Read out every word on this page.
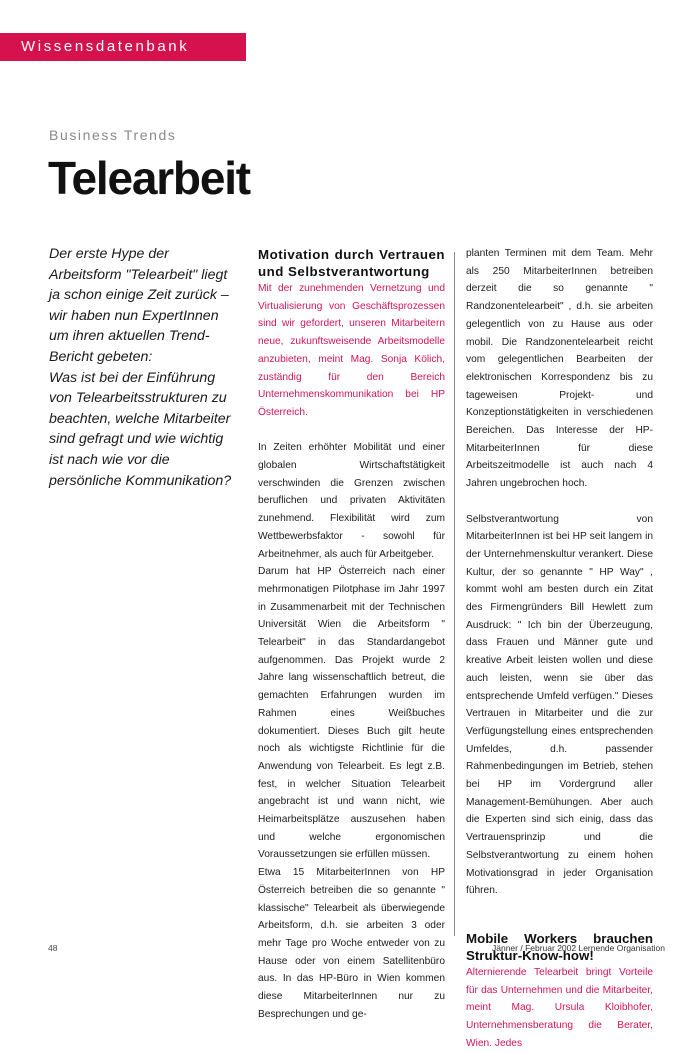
Wissensdatenbank
Business Trends
Telearbeit

Der erste Hype der Arbeitsform "Telearbeit" liegt ja schon einige Zeit zurück – wir haben nun ExpertInnen um ihren aktuellen Trend-Bericht gebeten:

Was ist bei der Einführung von Telearbeitsstrukturen zu beachten, welche Mitarbeiter sind gefragt und wie wichtig ist nach wie vor die persönliche Kommunikation?

Motivation durch Vertrauen und Selbstverantwortung

Mit der zunehmenden Vernetzung und Virtualisierung von Geschäftsprozessen sind wir gefordert, unseren Mitarbeitern neue, zukunftsweisende Arbeitsmodelle anzubieten, meint Mag. Sonja Kölich, zuständig für den Bereich Unternehmenskommunikation bei HP Österreich.

In Zeiten erhöhter Mobilität und einer globalen Wirtschaftstätigkeit verschwinden die Grenzen zwischen beruflichen und privaten Aktivitäten zunehmend. Flexibilität wird zum Wettbewerbsfaktor - sowohl für Arbeitnehmer, als auch für Arbeitgeber.

Darum hat HP Österreich nach einer mehrmonatigen Pilotphase im Jahr 1997 in Zusammenarbeit mit der Technischen Universität Wien die Arbeitsform " Telearbeit" in das Standardangebot aufgenommen. Das Projekt wurde 2 Jahre lang wissenschaftlich betreut, die gemachten Erfahrungen wurden im Rahmen eines Weißbuches dokumentiert. Dieses Buch gilt heute noch als wichtigste Richtlinie für die Anwendung von Telearbeit. Es legt z.B. fest, in welcher Situation Telearbeit angebracht ist und wann nicht, wie Heimarbeitsplätze auszusehen haben und welche ergonomischen Voraussetzungen sie erfüllen müssen.

Etwa 15 MitarbeiterInnen von HP Österreich betreiben die so genannte " klassische" Telearbeit als überwiegende Arbeitsform, d.h. sie arbeiten 3 oder mehr Tage pro Woche entweder von zu Hause oder von einem Satellitenbüro aus. In das HP-Büro in Wien kommen diese MitarbeiterInnen nur zu Besprechungen und ge-

planten Terminen mit dem Team. Mehr als 250 MitarbeiterInnen betreiben derzeit die so genannte " Randzonentelearbeit" , d.h. sie arbeiten gelegentlich von zu Hause aus oder mobil. Die Randzonentelearbeit reicht vom gelegentlichen Bearbeiten der elektronischen Korrespondenz bis zu tageweisen Projekt- und Konzeptionstätigkeiten in verschiedenen Bereichen. Das Interesse der HP-MitarbeiterInnen für diese Arbeitszeitmodelle ist auch nach 4 Jahren ungebrochen hoch.

Selbstverantwortung von MitarbeiterInnen ist bei HP seit langem in der Unternehmenskultur verankert. Diese Kultur, der so genannte " HP Way" , kommt wohl am besten durch ein Zitat des Firmengründers Bill Hewlett zum Ausdruck: " Ich bin der Überzeugung, dass Frauen und Männer gute und kreative Arbeit leisten wollen und diese auch leisten, wenn sie über das entsprechende Umfeld verfügen." Dieses Vertrauen in Mitarbeiter und die zur Verfügungstellung eines entsprechenden Umfeldes, d.h. passender Rahmenbedingungen im Betrieb, stehen bei HP im Vordergrund aller Management-Bemühungen. Aber auch die Experten sind sich einig, dass das Vertrauensprinzip und die Selbstverantwortung zu einem hohen Motivationsgrad in jeder Organisation führen.

Mobile Workers brauchen Struktur-Know-how!

Alternierende Telearbeit bringt Vorteile für das Unternehmen und die Mitarbeiter, meint Mag. Ursula Kloibhofer, Unternehmensberatung die Berater, Wien. Jedes

48	Jänner / Februar 2002 Lernende Organisation
